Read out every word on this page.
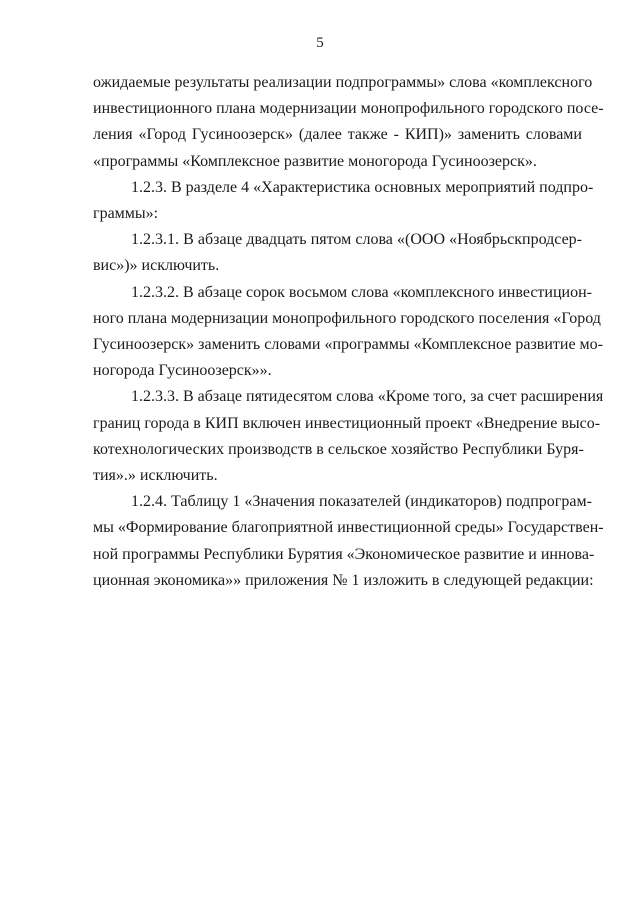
5

ожидаемые результаты реализации подпрограммы» слова «комплексного
инвестиционного плана модернизации монопрофильного городского посе-
ления «Город Гусиноозерск» (далее также - КИП)» заменить словами
«программы «Комплексное развитие моногорода Гусиноозерск».

1.2.3. В разделе 4 «Характеристика основных мероприятий подпро-
граммы»:

1.2.3.1. В абзаце двадцать пятом слова «(ООО «Ноябрьскпродсер-
вис»)» исключить.

1.2.3.2. В абзаце сорок восьмом слова «комплексного инвестицион-
ного плана модернизации монопрофильного городского поселения «Город
Гусиноозерск» заменить словами «программы «Комплексное развитие мо-
ногорода Гусиноозерск»».

1.2.3.3. В абзаце пятидесятом слова «Кроме того, за счет расширения
границ города в КИП включен инвестиционный проект «Внедрение высо-
котехнологических производств в сельское хозяйство Республики Буря-
тия».» исключить.

1.2.4. Таблицу 1 «Значения показателей (индикаторов) подпрограм-
мы «Формирование благоприятной инвестиционной среды» Государствен-
ной программы Республики Бурятия «Экономическое развитие и иннова-
ционная экономика»» приложения № 1 изложить в следующей редакции:
